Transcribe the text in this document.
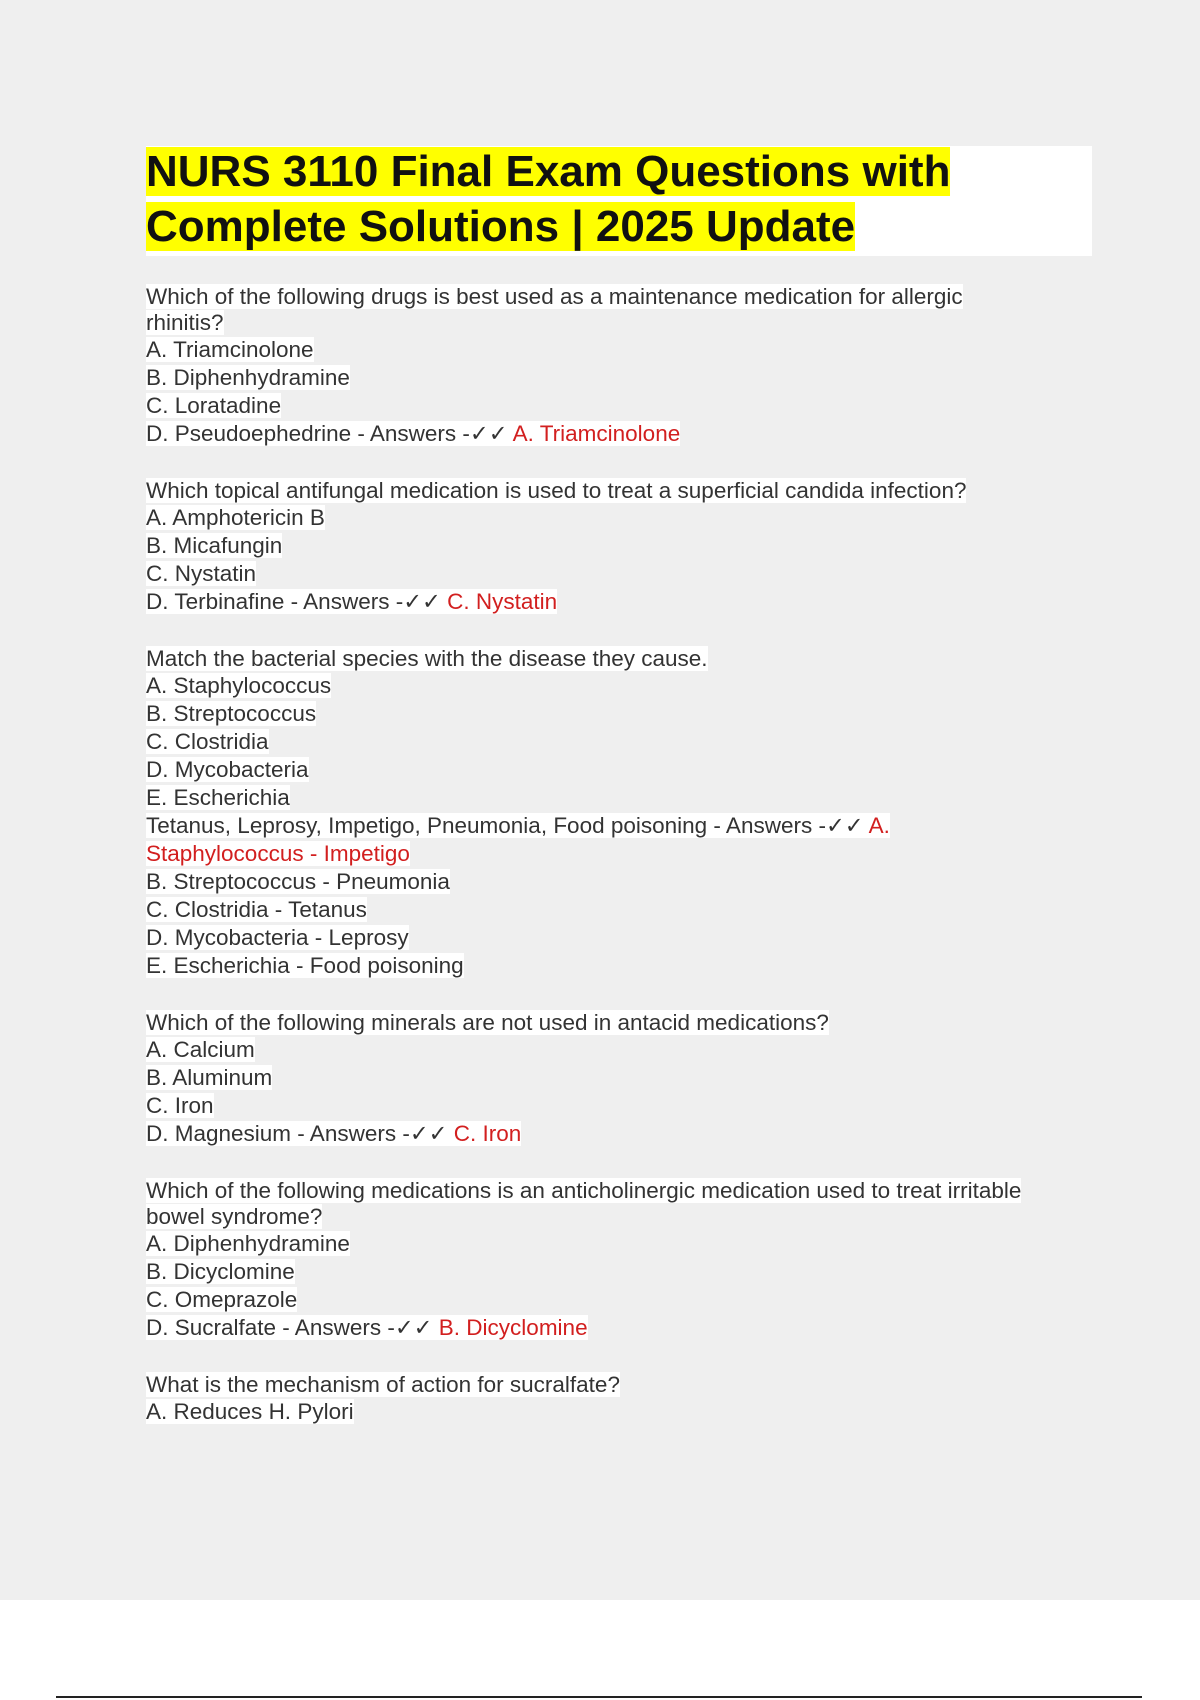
NURS 3110 Final Exam Questions with
Complete Solutions | 2025 Update
Which of the following drugs is best used as a maintenance medication for allergic
rhinitis?
A. Triamcinolone
B. Diphenhydramine
C. Loratadine
D. Pseudoephedrine - Answers -✓✓ A. Triamcinolone
Which topical antifungal medication is used to treat a superficial candida infection?
A. Amphotericin B
B. Micafungin
C. Nystatin
D. Terbinafine - Answers -✓✓ C. Nystatin
Match the bacterial species with the disease they cause.
A. Staphylococcus
B. Streptococcus
C. Clostridia
D. Mycobacteria
E. Escherichia
Tetanus, Leprosy, Impetigo, Pneumonia, Food poisoning - Answers -✓✓ A.
Staphylococcus - Impetigo
B. Streptococcus - Pneumonia
C. Clostridia - Tetanus
D. Mycobacteria - Leprosy
E. Escherichia - Food poisoning
Which of the following minerals are not used in antacid medications?
A. Calcium
B. Aluminum
C. Iron
D. Magnesium - Answers -✓✓ C. Iron
Which of the following medications is an anticholinergic medication used to treat irritable
bowel syndrome?
A. Diphenhydramine
B. Dicyclomine
C. Omeprazole
D. Sucralfate - Answers -✓✓ B. Dicyclomine
What is the mechanism of action for sucralfate?
A. Reduces H. Pylori
